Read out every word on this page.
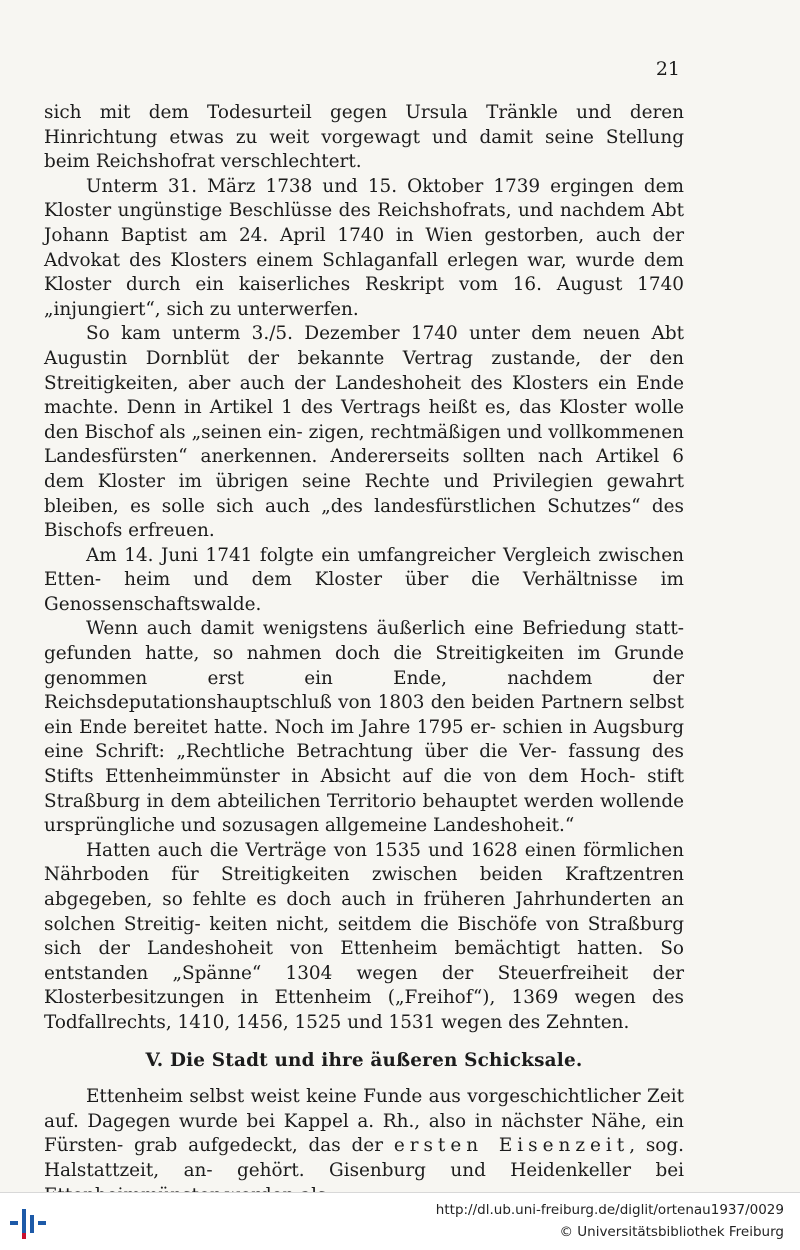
21

sich mit dem Todesurteil gegen Ursula Tränkle und deren Hinrichtung etwas zu weit vorgewagt und damit seine Stellung beim Reichshofrat verschlechtert.

Unterm 31. März 1738 und 15. Oktober 1739 ergingen dem Kloster ungünstige Beschlüsse des Reichshofrats, und nachdem Abt Johann Baptist am 24. April 1740 in Wien gestorben, auch der Advokat des Klosters einem Schlaganfall erlegen war, wurde dem Kloster durch ein kaiserliches Reskript vom 16. August 1740 „injungiert“, sich zu unterwerfen.

So kam unterm 3./5. Dezember 1740 unter dem neuen Abt Augustin Dornblüt der bekannte Vertrag zustande, der den Streitigkeiten, aber auch der Landeshoheit des Klosters ein Ende machte. Denn in Artikel 1 des Vertrags heißt es, das Kloster wolle den Bischof als „seinen ein- zigen, rechtmäßigen und vollkommenen Landesfürsten“ anerkennen. Andererseits sollten nach Artikel 6 dem Kloster im übrigen seine Rechte und Privilegien gewahrt bleiben, es solle sich auch „des landesfürstlichen Schutzes“ des Bischofs erfreuen.

Am 14. Juni 1741 folgte ein umfangreicher Vergleich zwischen Etten- heim und dem Kloster über die Verhältnisse im Genossenschaftswalde.

Wenn auch damit wenigstens äußerlich eine Befriedung statt- gefunden hatte, so nahmen doch die Streitigkeiten im Grunde genommen erst ein Ende, nachdem der Reichsdeputationshauptschluß von 1803 den beiden Partnern selbst ein Ende bereitet hatte. Noch im Jahre 1795 er- schien in Augsburg eine Schrift: „Rechtliche Betrachtung über die Ver- fassung des Stifts Ettenheimmünster in Absicht auf die von dem Hoch- stift Straßburg in dem abteilichen Territorio behauptet werden wollende ursprüngliche und sozusagen allgemeine Landeshoheit.“

Hatten auch die Verträge von 1535 und 1628 einen förmlichen Nährboden für Streitigkeiten zwischen beiden Kraftzentren abgegeben, so fehlte es doch auch in früheren Jahrhunderten an solchen Streitig- keiten nicht, seitdem die Bischöfe von Straßburg sich der Landeshoheit von Ettenheim bemächtigt hatten. So entstanden „Spänne“ 1304 wegen der Steuerfreiheit der Klosterbesitzungen in Ettenheim („Freihof“), 1369 wegen des Todfallrechts, 1410, 1456, 1525 und 1531 wegen des Zehnten.

V. Die Stadt und ihre äußeren Schicksale.

Ettenheim selbst weist keine Funde aus vorgeschichtlicher Zeit auf. Dagegen wurde bei Kappel a. Rh., also in nächster Nähe, ein Fürsten- grab aufgedeckt, das der ersten Eisenzeit, sog. Halstattzeit, an- gehört. Gisenburg und Heidenkeller bei

http://dl.ub.uni-freiburg.de/diglit/ortenau1937/0029
© Universitätsbibliothek Freiburg
